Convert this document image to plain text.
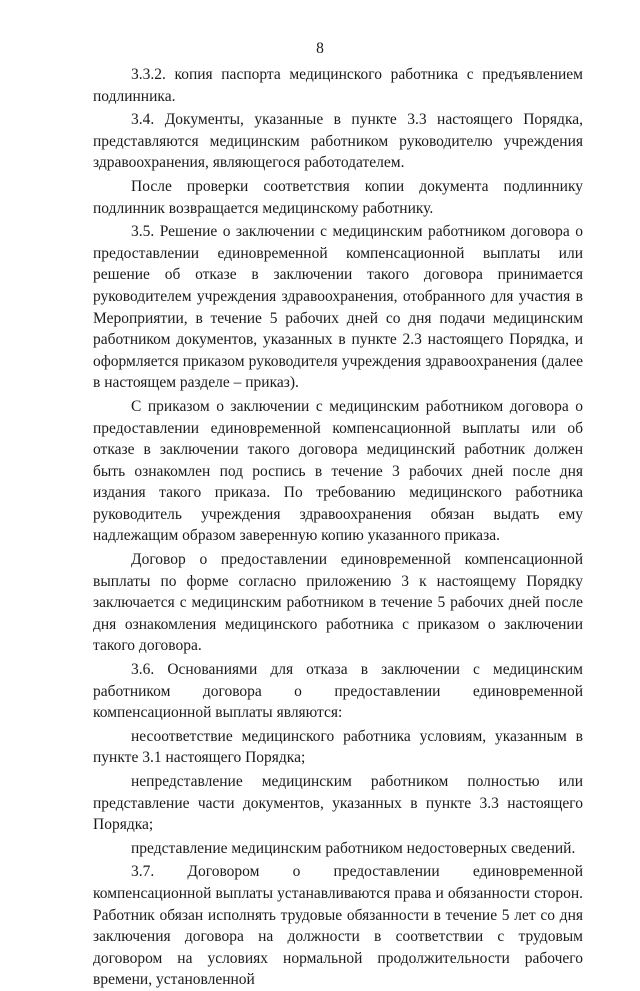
8

3.3.2. копия паспорта медицинского работника с предъявлением подлинника.

3.4. Документы, указанные в пункте 3.3 настоящего Порядка, представляются медицинским работником руководителю учреждения здравоохранения, являющегося работодателем.

После проверки соответствия копии документа подлиннику подлинник возвращается медицинскому работнику.

3.5. Решение о заключении с медицинским работником договора о предоставлении единовременной компенсационной выплаты или решение об отказе в заключении такого договора принимается руководителем учреждения здравоохранения, отобранного для участия в Мероприятии, в течение 5 рабочих дней со дня подачи медицинским работником документов, указанных в пункте 2.3 настоящего Порядка, и оформляется приказом руководителя учреждения здравоохранения (далее в настоящем разделе – приказ).

С приказом о заключении с медицинским работником договора о предоставлении единовременной компенсационной выплаты или об отказе в заключении такого договора медицинский работник должен быть ознакомлен под роспись в течение 3 рабочих дней после дня издания такого приказа. По требованию медицинского работника руководитель учреждения здравоохранения обязан выдать ему надлежащим образом заверенную копию указанного приказа.

Договор о предоставлении единовременной компенсационной выплаты по форме согласно приложению 3 к настоящему Порядку заключается с медицинским работником в течение 5 рабочих дней после дня ознакомления медицинского работника с приказом о заключении такого договора.

3.6. Основаниями для отказа в заключении с медицинским работником договора о предоставлении единовременной компенсационной выплаты являются:

несоответствие медицинского работника условиям, указанным в пункте 3.1 настоящего Порядка;

непредставление медицинским работником полностью или представление части документов, указанных в пункте 3.3 настоящего Порядка;

представление медицинским работником недостоверных сведений.

3.7. Договором о предоставлении единовременной компенсационной выплаты устанавливаются права и обязанности сторон. Работник обязан исполнять трудовые обязанности в течение 5 лет со дня заключения договора на должности в соответствии с трудовым договором на условиях нормальной продолжительности рабочего времени, установленной
